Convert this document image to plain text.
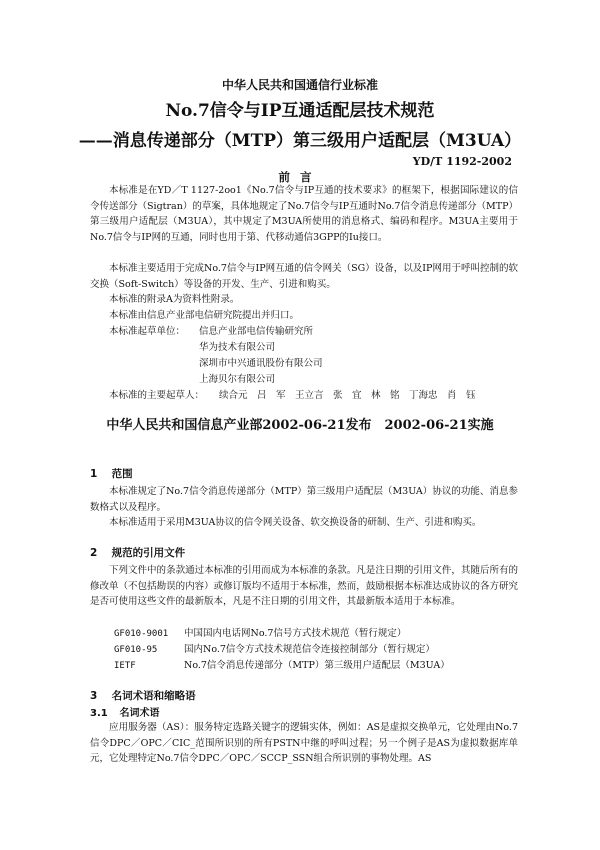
中华人民共和国通信行业标准
No.7信令与IP互通适配层技术规范
——消息传递部分（MTP）第三级用户适配层（M3UA）
YD/T 1192-2002
前言
本标准是在YD／T 1127-2oo1《No.7信令与IP互通的技术要求》的框架下，根据国际建议的信令传送部分（Sigtran）的草案，具体地规定了No.7信令与IP互通时No.7信令消息传递部分（MTP）第三级用户适配层（M3UA），其中规定了M3UA所使用的消息格式、编码和程序。M3UA主要用于No.7信令与IP网的互通，同时也用于第、代移动通信3GPP的Iu接口。
本标准主要适用于完成No.7信令与IP网互通的信令网关（SG）设备，以及IP网用于呼叫控制的软交换（Soft-Switch）等设备的开发、生产、引进和购买。
本标准的附录A为资料性附录。
本标准由信息产业部电信研究院提出并归口。
本标准起草单位： 信息产业部电信传输研究所
华为技术有限公司
深圳市中兴通讯股份有限公司
上海贝尔有限公司
本标准的主要起草人： 续合元　吕　军　王立言　张　宜　林　铭　丁海忠　肖　钰
中华人民共和国信息产业部2002-06-21发布　2002-06-21实施
1 范围
本标准规定了No.7信令消息传递部分（MTP）第三级用户适配层（M3UA）协议的功能、消息参数格式以及程序。
本标准适用于采用M3UA协议的信令网关设备、软交换设备的研制、生产、引进和购买。
2 规范的引用文件
下列文件中的条款通过本标准的引用而成为本标准的条款。凡是注日期的引用文件，其随后所有的修改单（不包括勘误的内容）或修订版均不适用于本标准，然而，鼓励根据本标准达成协议的各方研究是否可使用这些文件的最新版本，凡是不注日期的引用文件，其最新版本适用于本标准。
GF010-9001 中国国内电话网No.7信号方式技术规范（暂行规定）
GF010-95	国内No.7信令方式技术规范信令连接控制部分（暂行规定）
IETF	No.7信令消息传递部分（MTP）第三级用户适配层（M3UA）
3 名词术语和缩略语
3.1 名词术语
应用服务器（AS）：服务特定选路关键字的逻辑实体，例如：AS是虚拟交换单元，它处理由No.7信令DPC／OPC／CIC_范围所识别的所有PSTN中继的呼叫过程；另一个例子是AS为虚拟数据库单元，它处理特定No.7信令DPC／OPC／SCCP_SSN组合所识别的事物处理。AS
